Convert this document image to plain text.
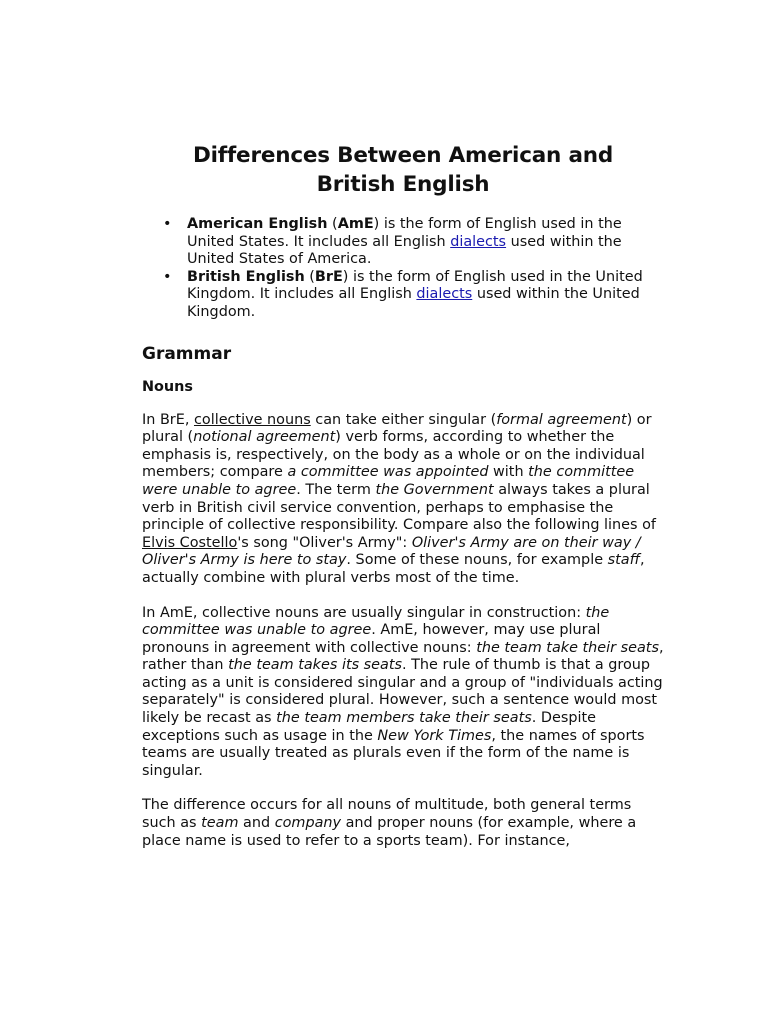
Differences Between American and
British English
• American English (AmE) is the form of English used in the United States. It includes all English dialects used within the United States of America.
• British English (BrE) is the form of English used in the United Kingdom. It includes all English dialects used within the United Kingdom.
Grammar
Nouns

In BrE, collective nouns can take either singular (formal agreement) or plural (notional agreement) verb forms, according to whether the emphasis is, respectively, on the body as a whole or on the individual members; compare a committee was appointed with the committee were unable to agree. The term the Government always takes a plural verb in British civil service convention, perhaps to emphasise the principle of collective responsibility. Compare also the following lines of Elvis Costello's song "Oliver's Army": Oliver's Army are on their way / Oliver's Army is here to stay. Some of these nouns, for example staff, actually combine with plural verbs most of the time.

In AmE, collective nouns are usually singular in construction: the committee was unable to agree. AmE, however, may use plural pronouns in agreement with collective nouns: the team take their seats, rather than the team takes its seats. The rule of thumb is that a group acting as a unit is considered singular and a group of "individuals acting separately" is considered plural. However, such a sentence would most likely be recast as the team members take their seats. Despite exceptions such as usage in the New York Times, the names of sports teams are usually treated as plurals even if the form of the name is singular.

The difference occurs for all nouns of multitude, both general terms such as team and company and proper nouns (for example, where a place name is used to refer to a sports team). For instance,
